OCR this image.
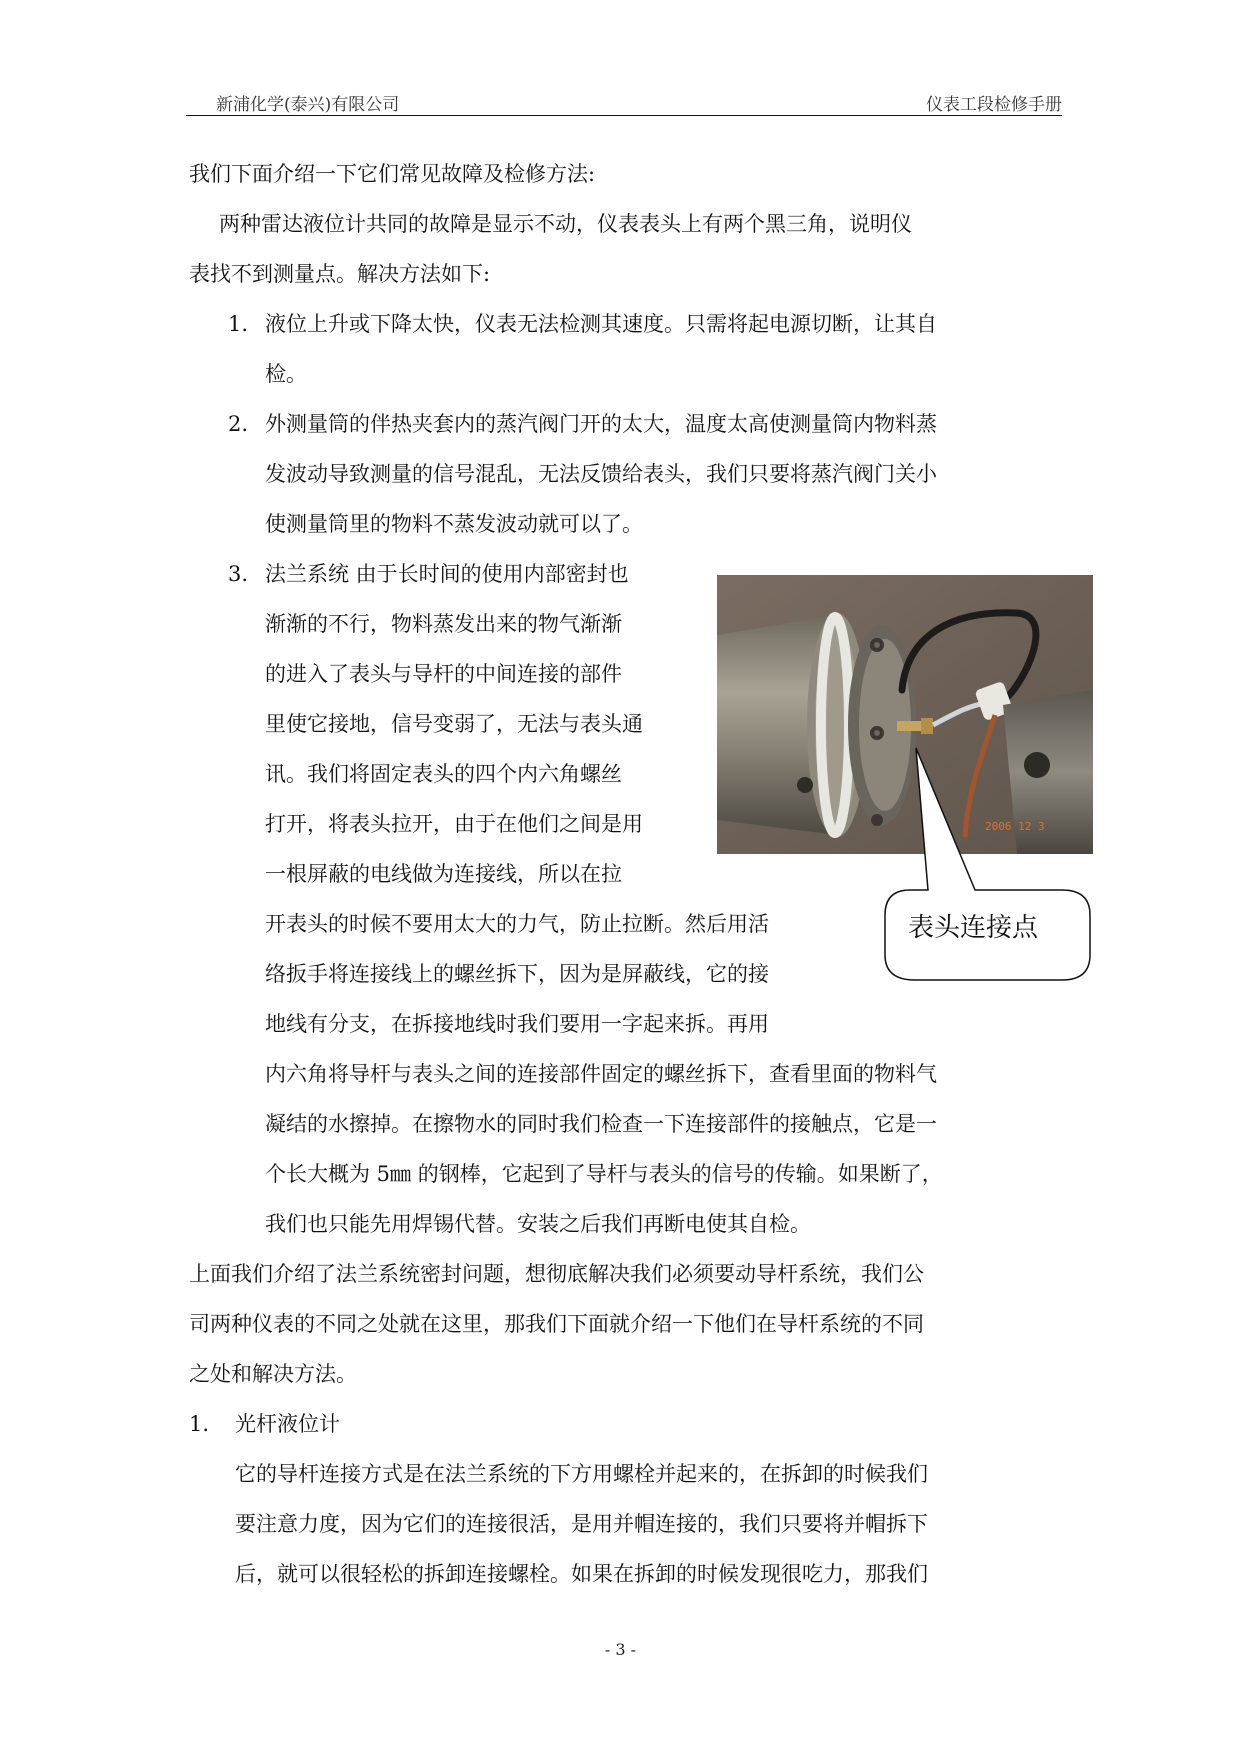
新浦化学(泰兴)有限公司	仪表工段检修手册
我们下面介绍一下它们常见故障及检修方法:
两种雷达液位计共同的故障是显示不动，仪表表头上有两个黑三角，说明仪
表找不到测量点。解决方法如下:
1. 液位上升或下降太快，仪表无法检测其速度。只需将起电源切断，让其自
检。
2. 外测量筒的伴热夹套内的蒸汽阀门开的太大，温度太高使测量筒内物料蒸
发波动导致测量的信号混乱，无法反馈给表头，我们只要将蒸汽阀门关小
使测量筒里的物料不蒸发波动就可以了。
3. 法兰系统 由于长时间的使用内部密封也
渐渐的不行，物料蒸发出来的物气渐渐
的进入了表头与导杆的中间连接的部件
里使它接地，信号变弱了，无法与表头通
讯。我们将固定表头的四个内六角螺丝
打开，将表头拉开，由于在他们之间是用
一根屏蔽的电线做为连接线，所以在拉
开表头的时候不要用太大的力气，防止拉断。然后用活
络扳手将连接线上的螺丝拆下，因为是屏蔽线，它的接
地线有分支，在拆接地线时我们要用一字起来拆。再用
内六角将导杆与表头之间的连接部件固定的螺丝拆下，查看里面的物料气
凝结的水擦掉。在擦物水的同时我们检查一下连接部件的接触点，它是一
个长大概为 5㎜ 的钢棒，它起到了导杆与表头的信号的传输。如果断了，
我们也只能先用焊锡代替。安装之后我们再断电使其自检。
上面我们介绍了法兰系统密封问题，想彻底解决我们必须要动导杆系统，我们公
司两种仪表的不同之处就在这里，那我们下面就介绍一下他们在导杆系统的不同
之处和解决方法。
1. 光杆液位计
它的导杆连接方式是在法兰系统的下方用螺栓并起来的，在拆卸的时候我们
要注意力度，因为它们的连接很活，是用并帽连接的，我们只要将并帽拆下
后，就可以很轻松的拆卸连接螺栓。如果在拆卸的时候发现很吃力，那我们
2006 12 3
表头连接点
- 3 -
